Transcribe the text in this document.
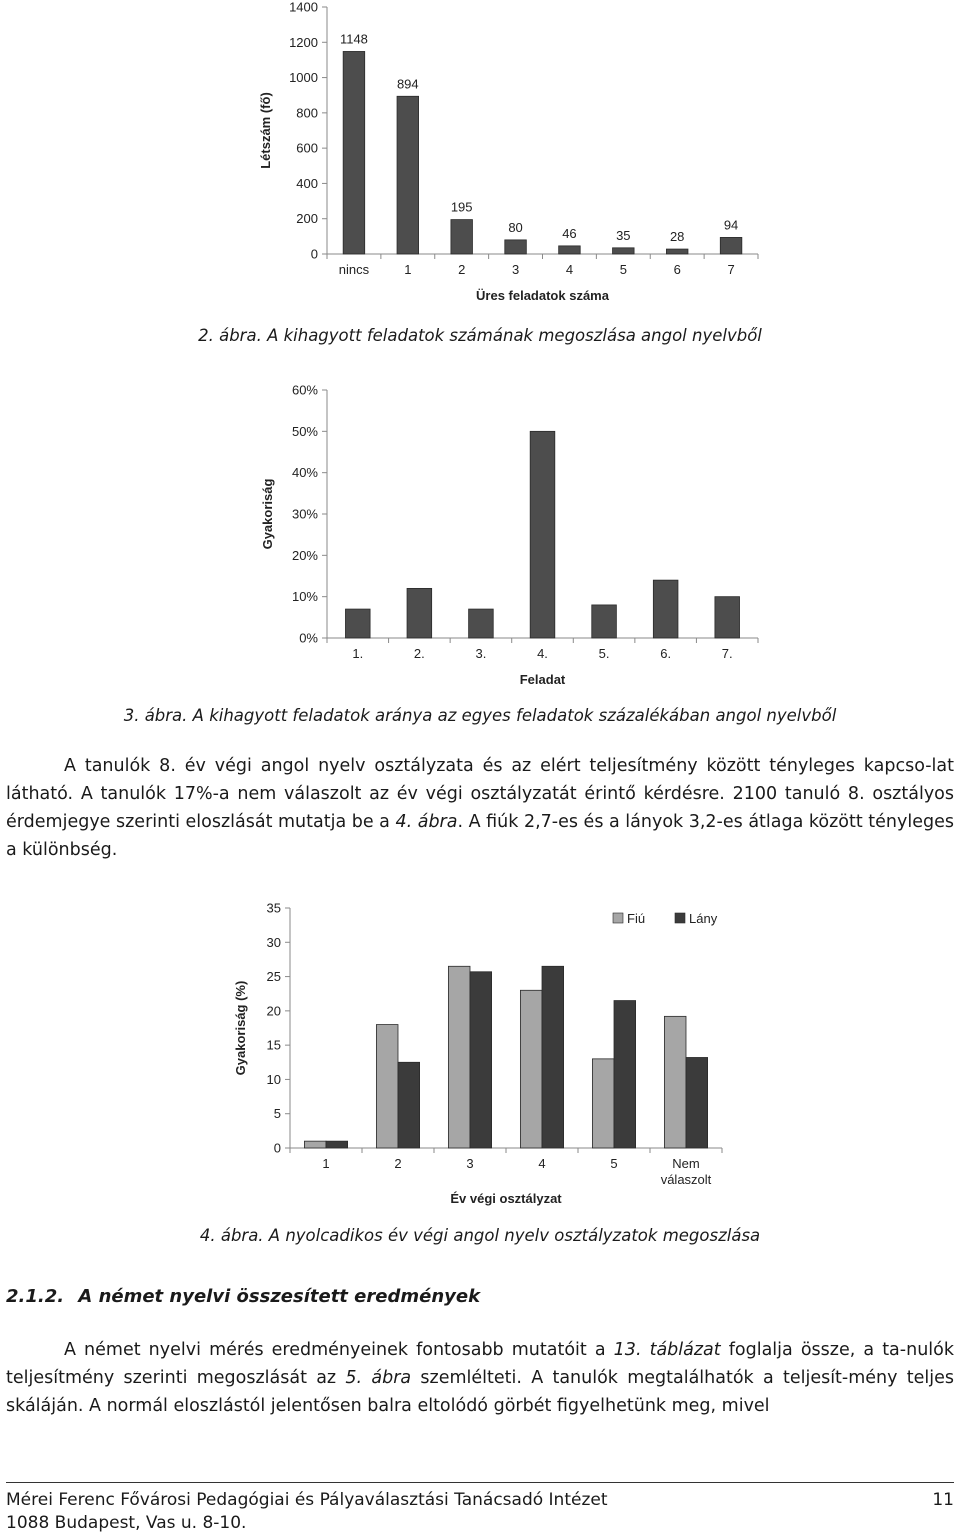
0
200
400
600
800
1000
1200
1400
nincs	1	2	3	4	5	6	7
1148
894
195
80	46	35	28
94
Üres feladatok száma
Létszám (fő)
2. ábra. A kihagyott feladatok számának megoszlása angol nyelvből
0%
10%
20%
30%
40%
50%
60%
1.	2.	3.	4.	5.	6.	7.
Feladat
Gyakoriság
3. ábra. A kihagyott feladatok aránya az egyes feladatok százalékában angol nyelvből
A tanulók 8. év végi angol nyelv osztályzata és az elért teljesítmény között tényleges kapcso-lat látható. A tanulók 17%-a nem válaszolt az év végi osztályzatát érintő kérdésre. 2100 tanuló 8. osztályos érdemjegye szerinti eloszlását mutatja be a 4. ábra. A fiúk 2,7-es és a lányok 3,2-es átlaga között tényleges a különbség.
0
5
10
15
20
25
30
35
1	2	3	4	5	Nem
válaszolt
Év végi osztályzat
Gyakoriság (%)
Fiú	Lány
4. ábra. A nyolcadikos év végi angol nyelv osztályzatok megoszlása
2.1.2. A német nyelvi összesített eredmények
A német nyelvi mérés eredményeinek fontosabb mutatóit a 13. táblázat foglalja össze, a ta-nulók teljesítmény szerinti megoszlását az 5. ábra szemlélteti. A tanulók megtalálhatók a teljesít-mény teljes skáláján. A normál eloszlástól jelentősen balra eltolódó görbét figyelhetünk meg, mivel
Mérei Ferenc Fővárosi Pedagógiai és Pályaválasztási Tanácsadó Intézet
1088 Budapest, Vas u. 8-10.
11
